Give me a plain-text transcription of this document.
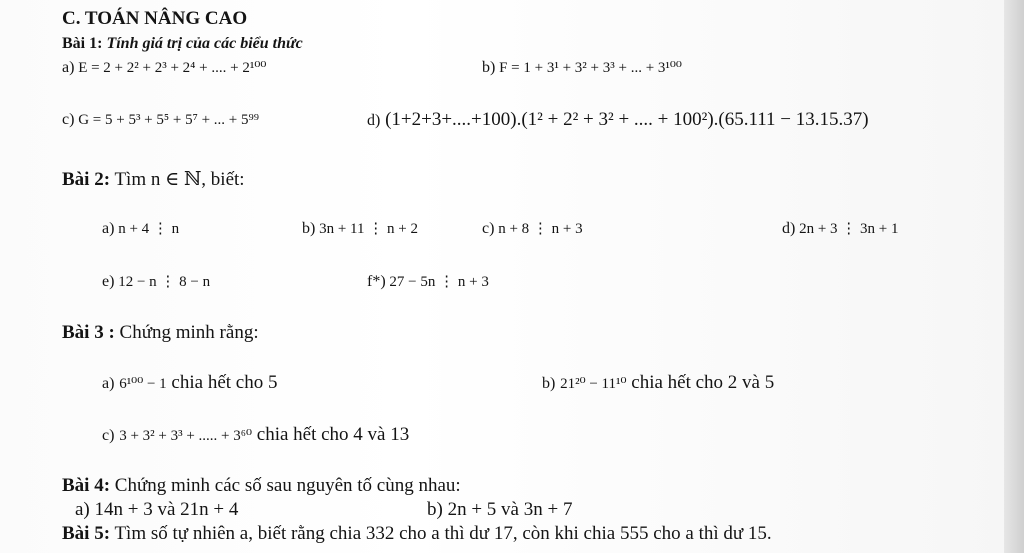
C. TOÁN NÂNG CAO
Bài 1: Tính giá trị của các biểu thức
a) E = 2 + 2² + 2³ + 2⁴ + .... + 2¹⁰⁰	b) F = 1 + 3¹ + 3² + 3³ + ... + 3¹⁰⁰
c) G = 5 + 5³ + 5⁵ + 5⁷ + ... + 5⁹⁹	d) (1+2+3+....+100).(1² + 2² + 3² + .... + 100²).(65.111 − 13.15.37)
Bài 2: Tìm n ∈ ℕ, biết:
a) n + 4 ⋮ n	b) 3n + 11 ⋮ n + 2	c) n + 8 ⋮ n + 3	d) 2n + 3 ⋮ 3n + 1
e) 12 − n ⋮ 8 − n	f*) 27 − 5n ⋮ n + 3
Bài 3 : Chứng minh rằng:
a) 6¹⁰⁰ − 1 chia hết cho 5	b) 21²⁰ − 11¹⁰ chia hết cho 2 và 5
c) 3 + 3² + 3³ + ..... + 3⁶⁰ chia hết cho 4 và 13
Bài 4: Chứng minh các số sau nguyên tố cùng nhau:
a) 14n + 3 và 21n + 4	b) 2n + 5 và 3n + 7
Bài 5: Tìm số tự nhiên a, biết rằng chia 332 cho a thì dư 17, còn khi chia 555 cho a thì dư 15.
